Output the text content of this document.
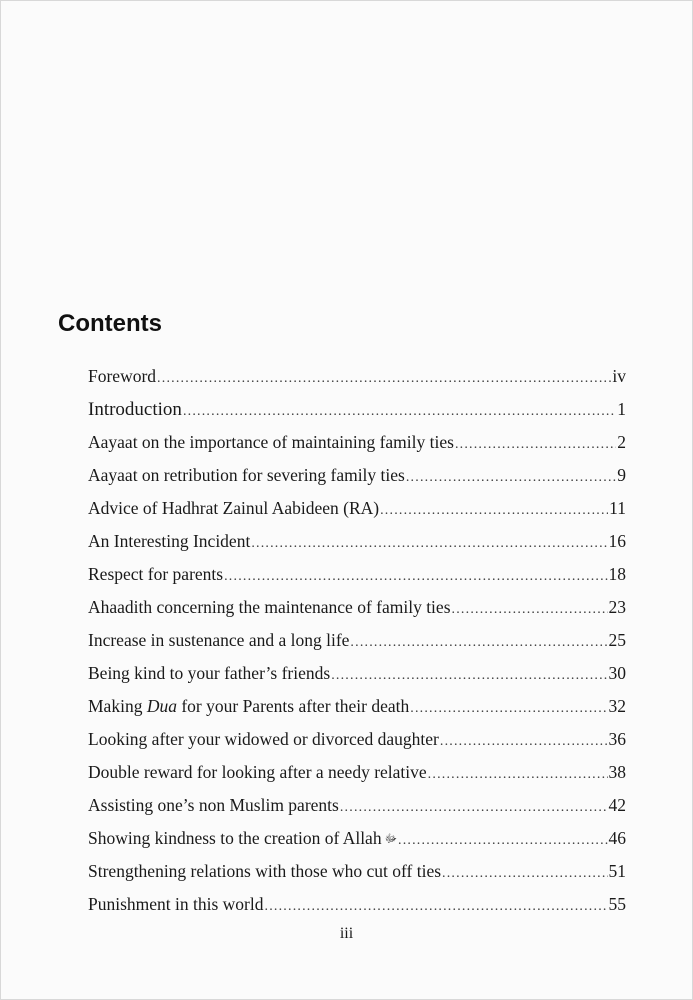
Contents
Foreword .....	iv
Introduction .....	1
Aayaat on the importance of maintaining family ties .....	2
Aayaat on retribution for severing family ties .....	9
Advice of Hadhrat Zainul Aabideen (RA) .....	11
An Interesting Incident .....	16
Respect for parents .....	18
Ahaadith concerning the maintenance of family ties .....	23
Increase in sustenance and a long life .....	25
Being kind to your father’s friends .....	30
Making Dua for your Parents after their death .....	32
Looking after your widowed or divorced daughter .....	36
Double reward for looking after a needy relative .....	38
Assisting one’s non Muslim parents .....	42
Showing kindness to the creation of Allah ﷻ .....	46
Strengthening relations with those who cut off ties .....	51
Punishment in this world .....	55
iii
